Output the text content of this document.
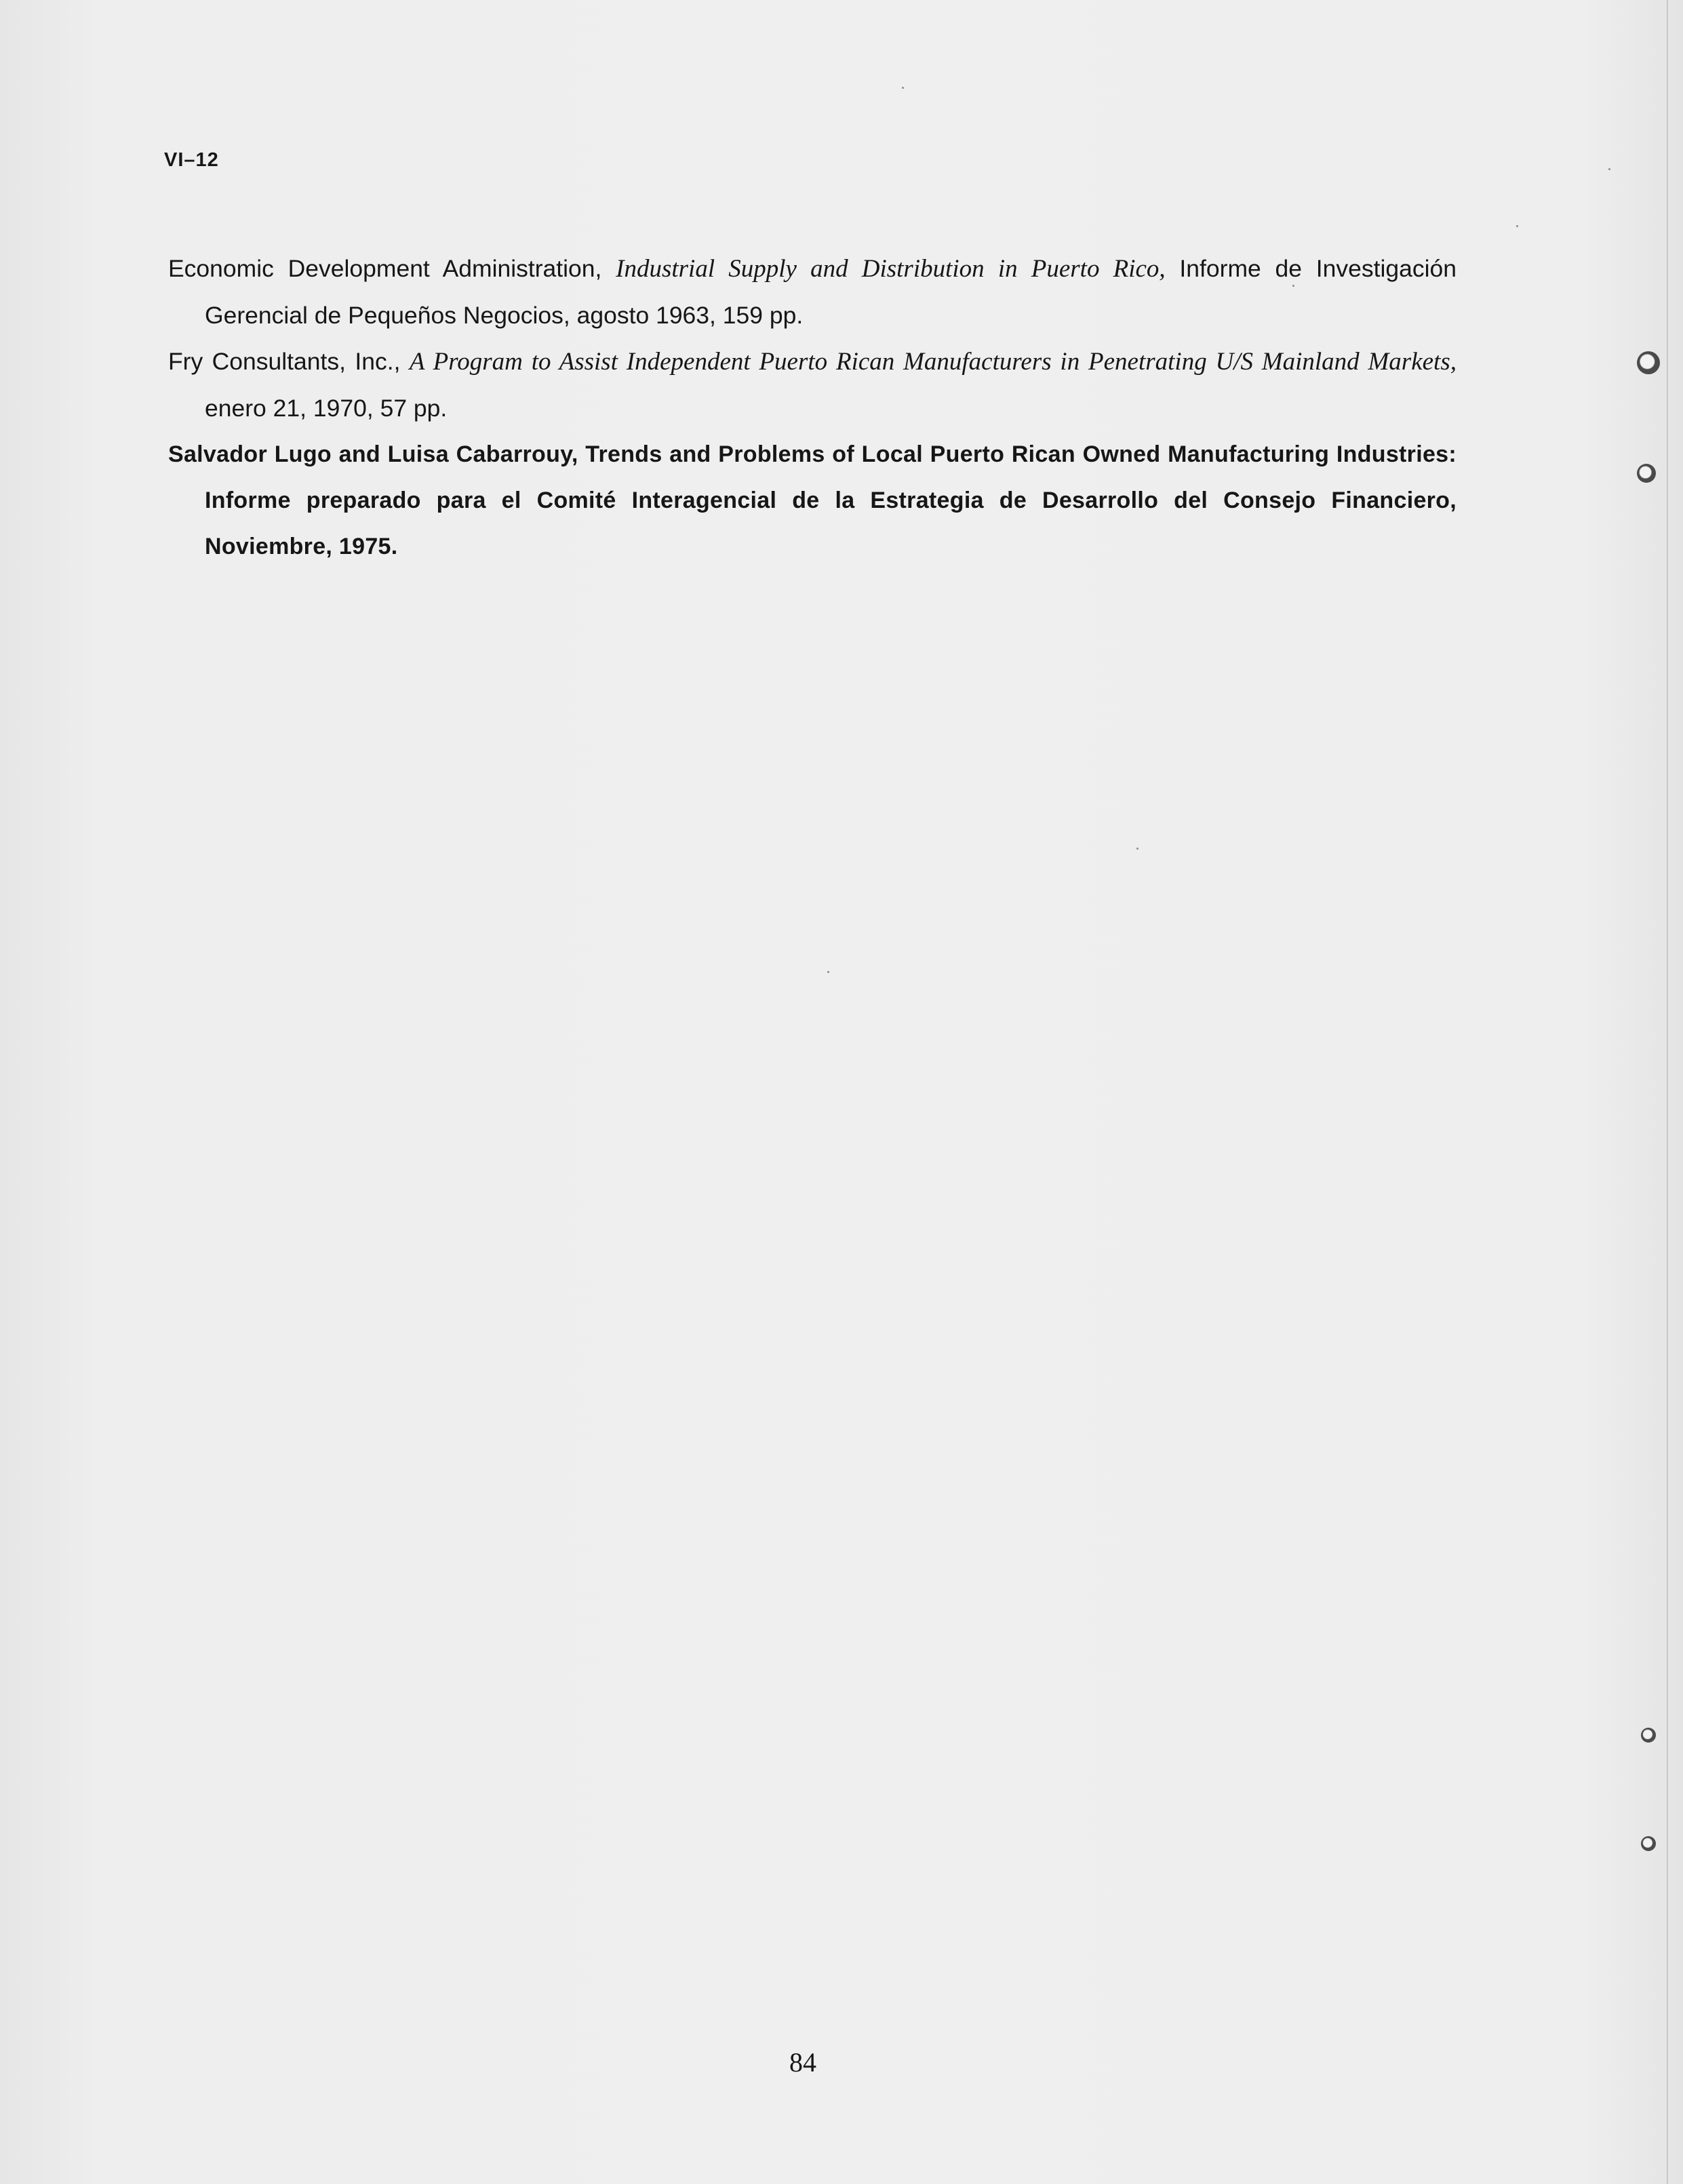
VI–12

Economic Development Administration, Industrial Supply and Distribution in Puerto Rico, Informe de Investigación Gerencial de Pequeños Negocios, agosto 1963, 159 pp.

Fry Consultants, Inc., A Program to Assist Independent Puerto Rican Manufacturers in Penetrating U/S Mainland Markets, enero 21, 1970, 57 pp.

Salvador Lugo and Luisa Cabarrouy, Trends and Problems of Local Puerto Rican Owned Manufacturing Industries: Informe preparado para el Comité Interagencial de la Estrategia de Desarrollo del Consejo Financiero, Noviembre, 1975.

84
